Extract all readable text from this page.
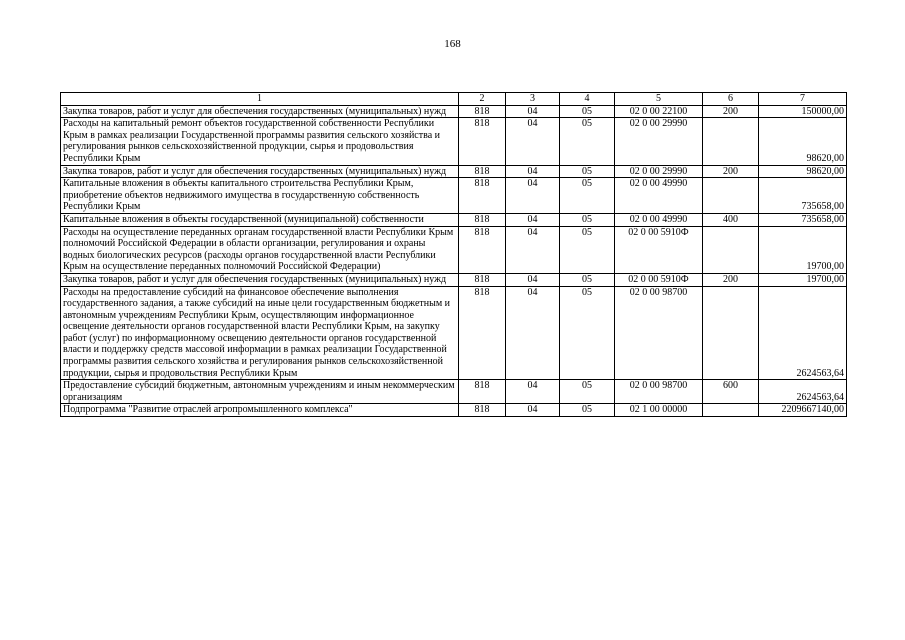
168
1	2	3	4	5	6	7
Закупка товаров, работ и услуг для обеспечения государственных (муниципальных) нужд	818	04	05	02 0 00 22100	200	150000,00
Расходы на капитальный ремонт объектов государственной собственности Республики Крым в рамках реализации Государственной программы развития сельского хозяйства и регулирования рынков сельскохозяйственной продукции, сырья и продовольствия Республики Крым	818	04	05	02 0 00 29990		98620,00
Закупка товаров, работ и услуг для обеспечения государственных (муниципальных) нужд	818	04	05	02 0 00 29990	200	98620,00
Капитальные вложения в объекты капитального строительства Республики Крым, приобретение объектов недвижимого имущества в государственную собственность Республики Крым	818	04	05	02 0 00 49990		735658,00
Капитальные вложения в объекты государственной (муниципальной) собственности	818	04	05	02 0 00 49990	400	735658,00
Расходы на осуществление переданных органам государственной власти Республики Крым полномочий Российской Федерации в области организации, регулирования и охраны водных биологических ресурсов (расходы органов государственной власти Республики Крым на осуществление переданных полномочий Российской Федерации)	818	04	05	02 0 00 5910Ф		19700,00
Закупка товаров, работ и услуг для обеспечения государственных (муниципальных) нужд	818	04	05	02 0 00 5910Ф	200	19700,00
Расходы на предоставление субсидий на финансовое обеспечение выполнения государственного задания, а также субсидий на иные цели государственным бюджетным и автономным учреждениям Республики Крым, осуществляющим информационное освещение деятельности органов государственной власти Республики Крым, на закупку работ (услуг) по информационному освещению деятельности органов государственной власти и поддержку средств массовой информации в рамках реализации Государственной программы развития сельского хозяйства и регулирования рынков сельскохозяйственной продукции, сырья и продовольствия Республики Крым	818	04	05	02 0 00 98700		2624563,64
Предоставление субсидий бюджетным, автономным учреждениям и иным некоммерческим организациям	818	04	05	02 0 00 98700	600	2624563,64
Подпрограмма "Развитие отраслей агропромышленного комплекса"	818	04	05	02 1 00 00000		2209667140,00
